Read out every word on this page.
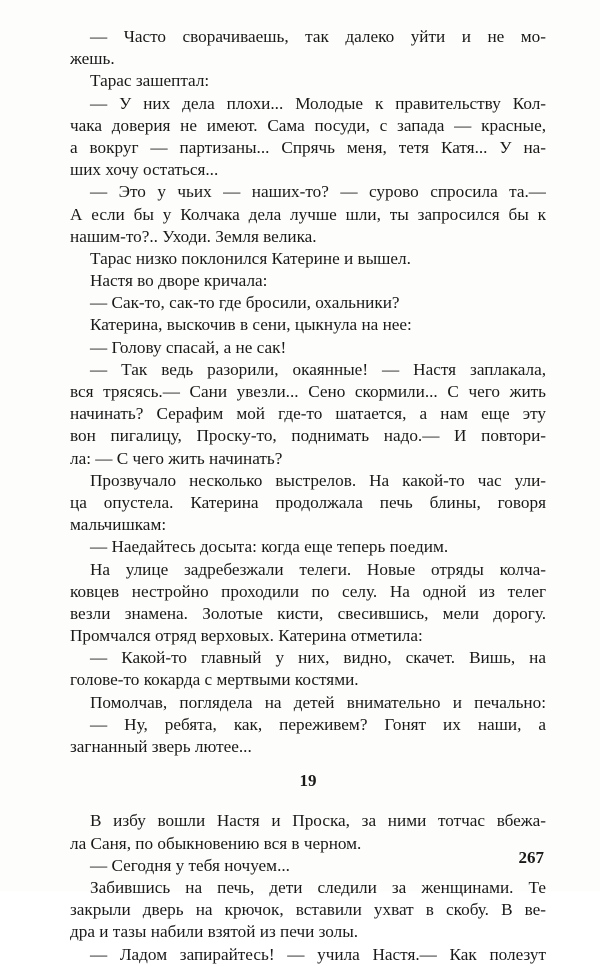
— Часто сворачиваешь, так далеко уйти и не мо-
жешь.
Тарас зашептал:
— У них дела плохи... Молодые к правительству Кол-
чака доверия не имеют. Сама посуди, с запада — красные,
а вокруг — партизаны... Спрячь меня, тетя Катя... У на-
ших хочу остаться...
— Это у чьих — наших-то? — сурово спросила та.—
А если бы у Колчака дела лучше шли, ты запросился бы к
нашим-то?.. Уходи. Земля велика.
Тарас низко поклонился Катерине и вышел.
Настя во дворе кричала:
— Сак-то, сак-то где бросили, охальники?
Катерина, выскочив в сени, цыкнула на нее:
— Голову спасай, а не сак!
— Так ведь разорили, окаянные! — Настя заплакала,
вся трясясь.— Сани увезли... Сено скормили... С чего жить
начинать? Серафим мой где-то шатается, а нам еще эту
вон пигалицу, Проску-то, поднимать надо.— И повтори-
ла: — С чего жить начинать?
Прозвучало несколько выстрелов. На какой-то час ули-
ца опустела. Катерина продолжала печь блины, говоря
мальчишкам:
— Наедайтесь досыта: когда еще теперь поедим.
На улице задребезжали телеги. Новые отряды колча-
ковцев нестройно проходили по селу. На одной из телег
везли знамена. Золотые кисти, свесившись, мели дорогу.
Промчался отряд верховых. Катерина отметила:
— Какой-то главный у них, видно, скачет. Вишь, на
голове-то кокарда с мертвыми костями.
Помолчав, поглядела на детей внимательно и печально:
— Ну, ребята, как, переживем? Гонят их наши, а
загнанный зверь лютее...
19
В избу вошли Настя и Проска, за ними тотчас вбежа-
ла Саня, по обыкновению вся в черном.
— Сегодня у тебя ночуем...
Забившись на печь, дети следили за женщинами. Те
закрыли дверь на крючок, вставили ухват в скобу. В ве-
дра и тазы набили взятой из печи золы.
— Ладом запирайтесь! — учила Настя.— Как полезут
267
